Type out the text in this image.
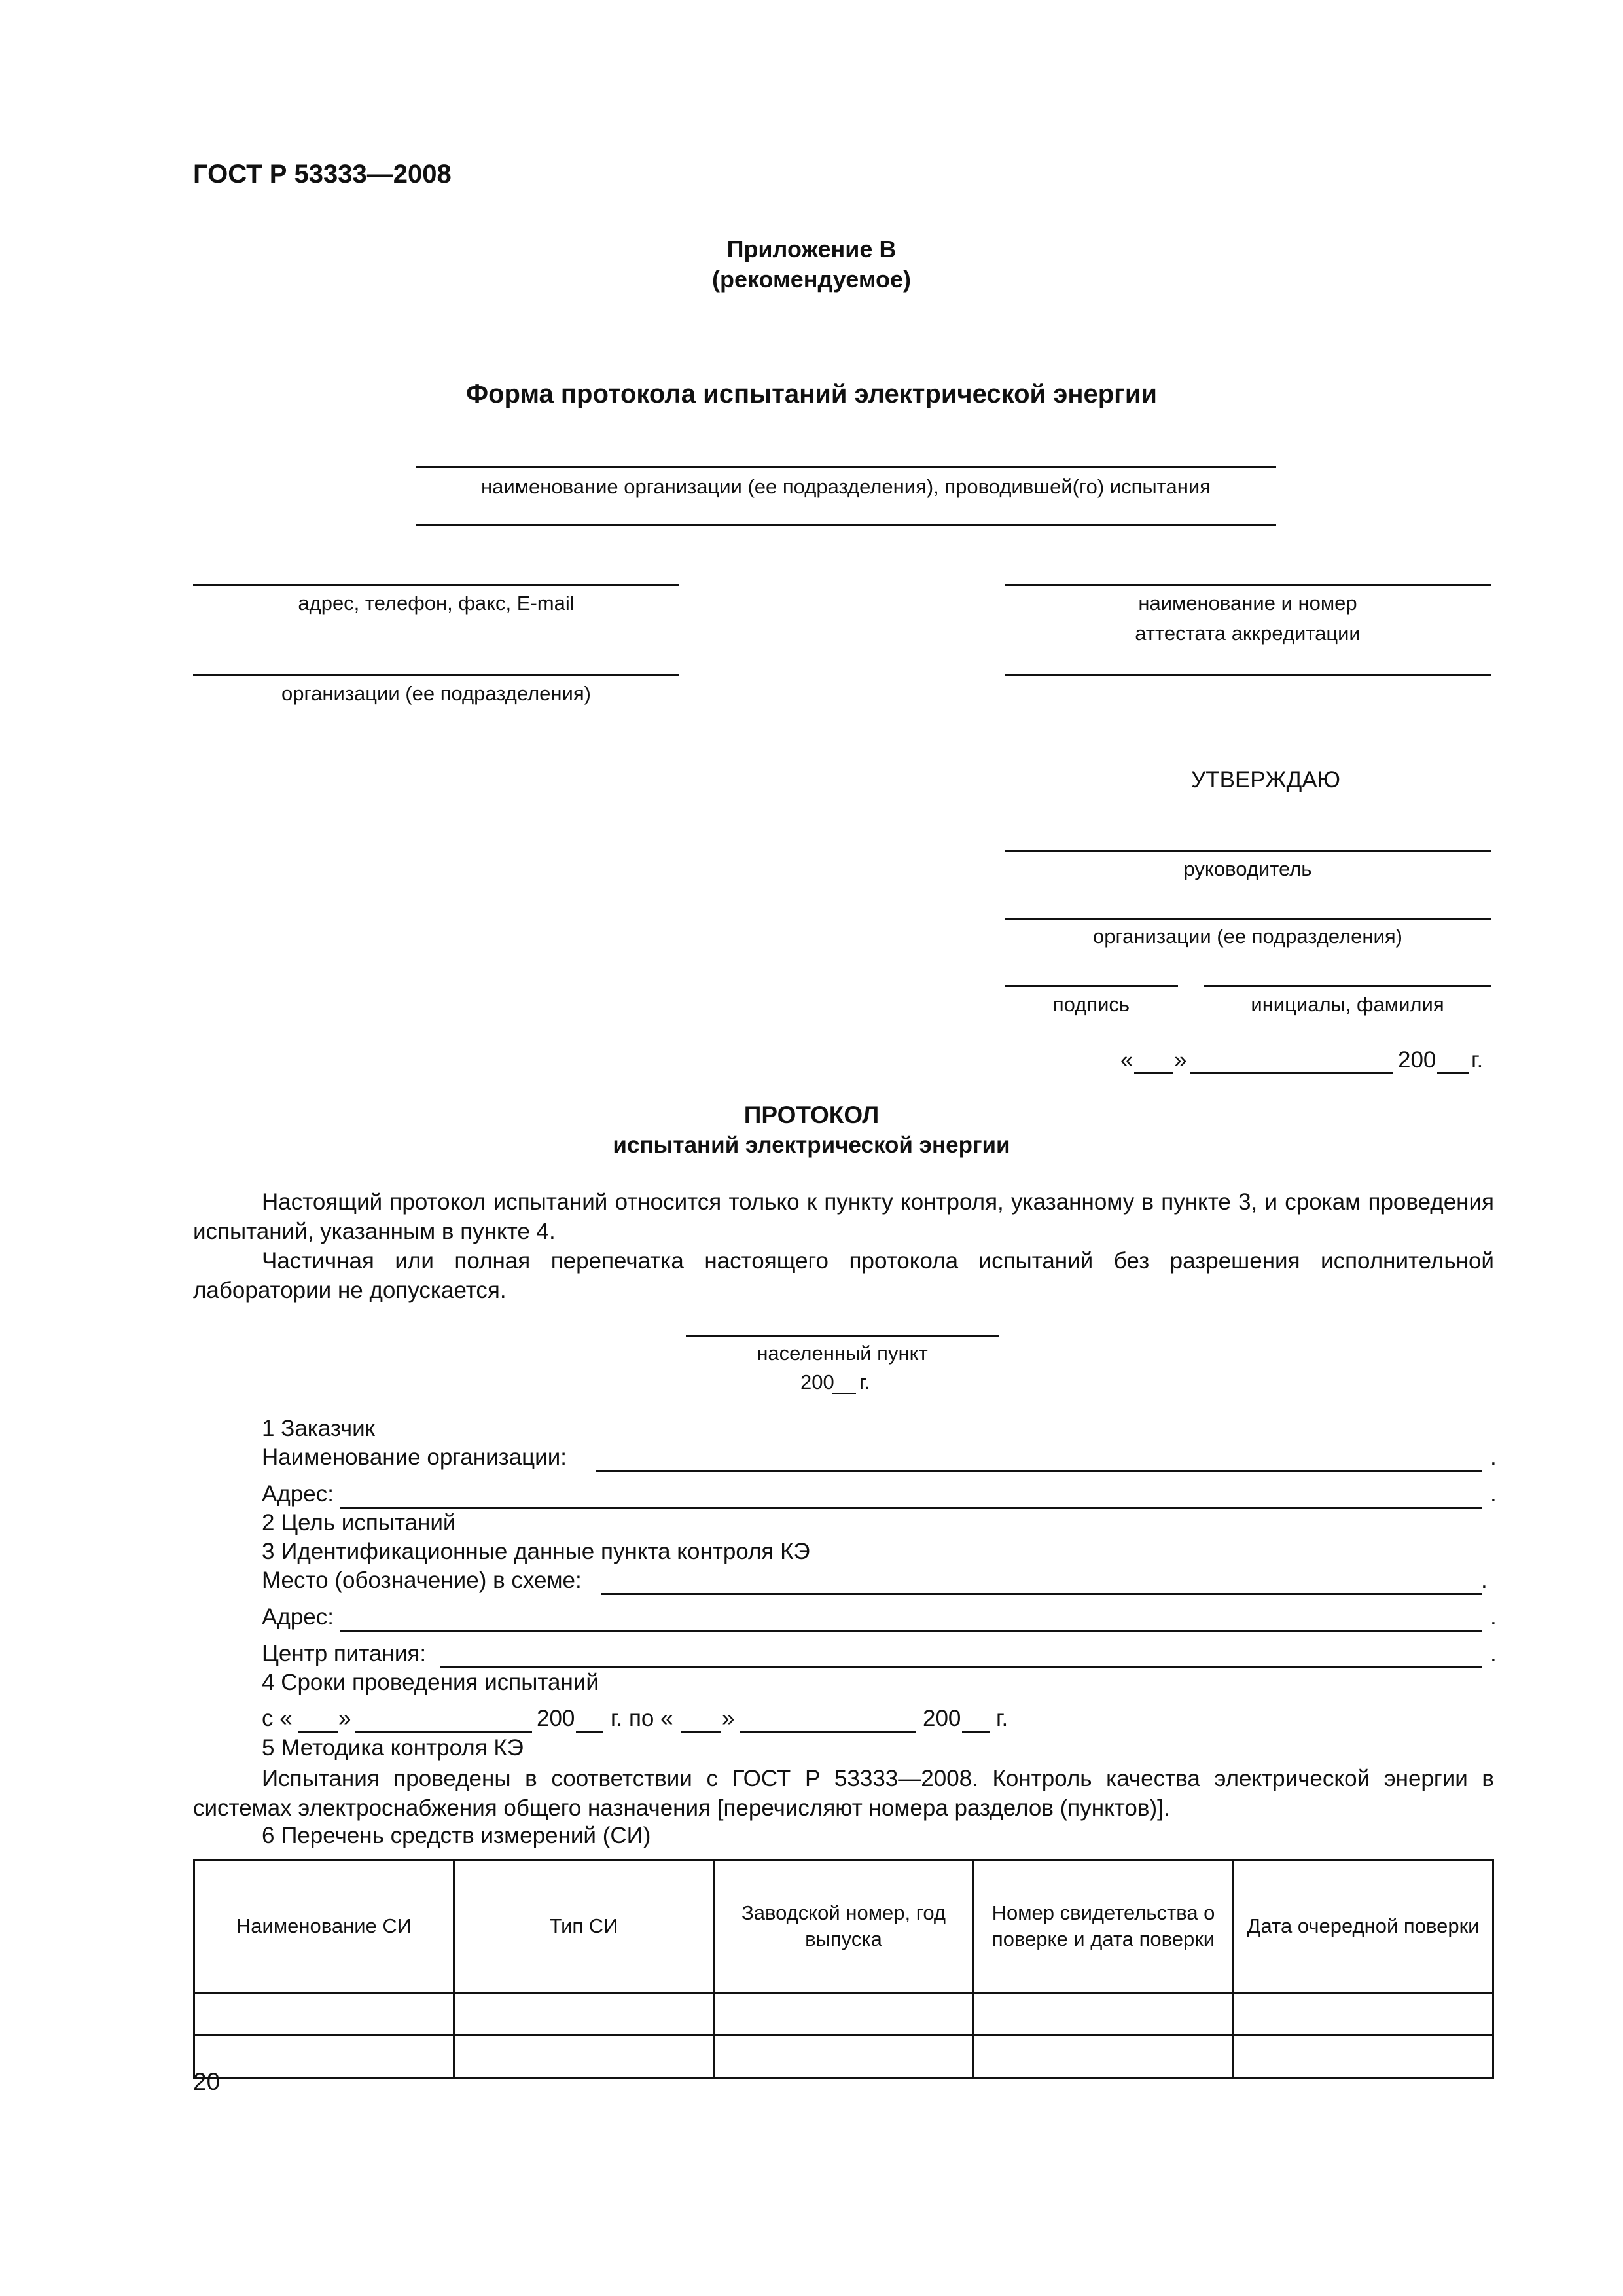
ГОСТ Р 53333—2008
Приложение В
(рекомендуемое)
Форма протокола испытаний электрической энергии
наименование организации (ее подразделения), проводившей(го) испытания
адрес, телефон, факс, E-mail
организации (ее подразделения)
наименование и номер
аттестата аккредитации
УТВЕРЖДАЮ
руководитель
организации (ее подразделения)
подпись	инициалы, фамилия
« »	200 г.
ПРОТОКОЛ
испытаний электрической энергии
Настоящий протокол испытаний относится только к пункту контроля, указанному в пункте 3, и срокам проведения испытаний, указанным в пункте 4.
Частичная или полная перепечатка настоящего протокола испытаний без разрешения исполнительной лаборатории не допускается.
населенный пункт
200 г.
1 Заказчик
Наименование организации:	.
Адрес:	.
2 Цель испытаний
3 Идентификационные данные пункта контроля КЭ
Место (обозначение) в схеме:	.
Адрес:	.
Центр питания:	.
4 Сроки проведения испытаний
с « »	200 г. по « »	200 г.
5 Методика контроля КЭ
Испытания проведены в соответствии с ГОСТ Р 53333—2008. Контроль качества электрической энергии в системах электроснабжения общего назначения [перечисляют номера разделов (пунктов)].
6 Перечень средств измерений (СИ)
Наименование СИ	Тип СИ	Заводской номер, год выпуска	Номер свидетельства о поверке и дата поверки	Дата очередной поверки

20
